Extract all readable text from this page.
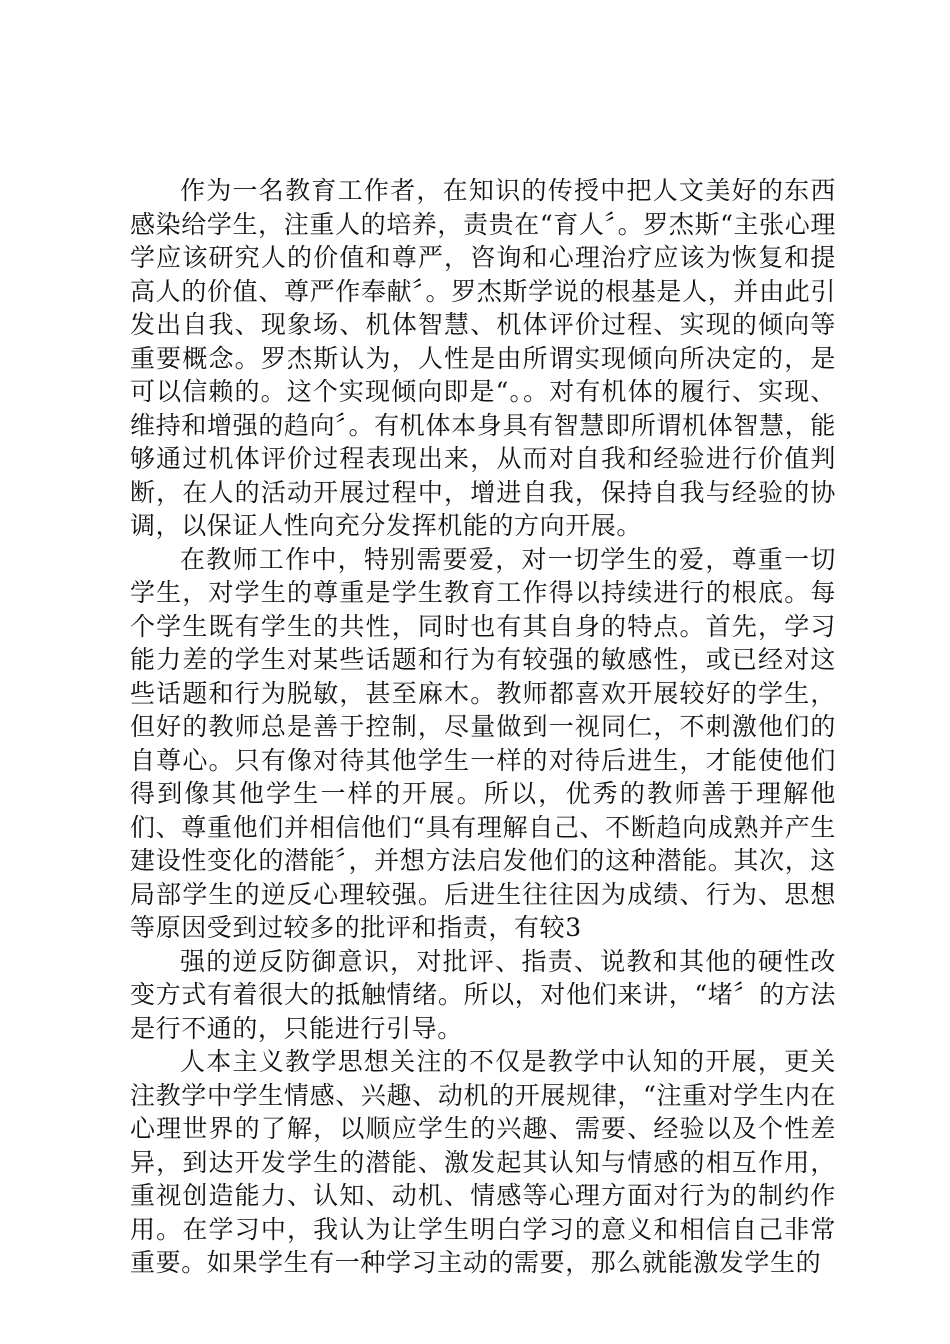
作为一名教育工作者，在知识的传授中把人文美好的东西感染给学生，注重人的培养，责贵在“育人〞。罗杰斯“主张心理学应该研究人的价值和尊严，咨询和心理治疗应该为恢复和提高人的价值、尊严作奉献〞。罗杰斯学说的根基是人，并由此引发出自我、现象场、机体智慧、机体评价过程、实现的倾向等重要概念。罗杰斯认为，人性是由所谓实现倾向所决定的，是可以信赖的。这个实现倾向即是“。。对有机体的履行、实现、维持和增强的趋向〞。有机体本身具有智慧即所谓机体智慧，能够通过机体评价过程表现出来，从而对自我和经验进行价值判断，在人的活动开展过程中，增进自我，保持自我与经验的协调，以保证人性向充分发挥机能的方向开展。

在教师工作中，特别需要爱，对一切学生的爱，尊重一切学生，对学生的尊重是学生教育工作得以持续进行的根底。每个学生既有学生的共性，同时也有其自身的特点。首先，学习能力差的学生对某些话题和行为有较强的敏感性，或已经对这些话题和行为脱敏，甚至麻木。教师都喜欢开展较好的学生，但好的教师总是善于控制，尽量做到一视同仁，不刺激他们的自尊心。只有像对待其他学生一样的对待后进生，才能使他们得到像其他学生一样的开展。所以，优秀的教师善于理解他们、尊重他们并相信他们“具有理解自己、不断趋向成熟并产生建设性变化的潜能〞，并想方法启发他们的这种潜能。其次，这局部学生的逆反心理较强。后进生往往因为成绩、行为、思想等原因受到过较多的批评和指责，有较3

强的逆反防御意识，对批评、指责、说教和其他的硬性改变方式有着很大的抵触情绪。所以，对他们来讲，“堵〞的方法是行不通的，只能进行引导。

人本主义教学思想关注的不仅是教学中认知的开展，更关注教学中学生情感、兴趣、动机的开展规律，“注重对学生内在心理世界的了解，以顺应学生的兴趣、需要、经验以及个性差异，到达开发学生的潜能、激发起其认知与情感的相互作用，重视创造能力、认知、动机、情感等心理方面对行为的制约作用。在学习中，我认为让学生明白学习的意义和相信自己非常重要。如果学生有一种学习主动的需要，那么就能激发学生的
